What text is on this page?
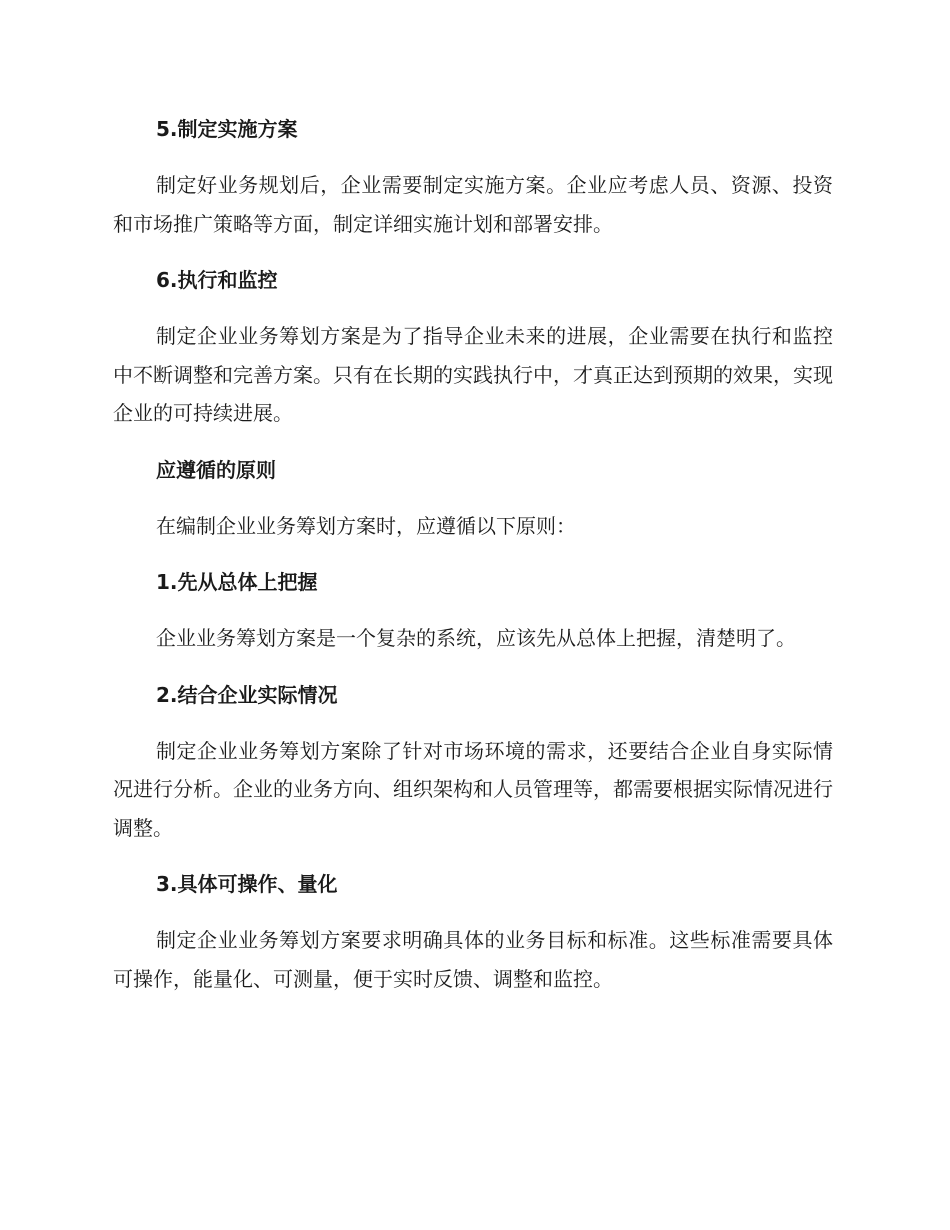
5.制定实施方案

制定好业务规划后，企业需要制定实施方案。企业应考虑人员、资源、投资和市场推广策略等方面，制定详细实施计划和部署安排。

6.执行和监控

制定企业业务筹划方案是为了指导企业未来的进展，企业需要在执行和监控中不断调整和完善方案。只有在长期的实践执行中，才真正达到预期的效果，实现企业的可持续进展。

应遵循的原则

在编制企业业务筹划方案时，应遵循以下原则：

1.先从总体上把握

企业业务筹划方案是一个复杂的系统，应该先从总体上把握，清楚明了。

2.结合企业实际情况

制定企业业务筹划方案除了针对市场环境的需求，还要结合企业自身实际情况进行分析。企业的业务方向、组织架构和人员管理等，都需要根据实际情况进行调整。

3.具体可操作、量化

制定企业业务筹划方案要求明确具体的业务目标和标准。这些标准需要具体可操作，能量化、可测量，便于实时反馈、调整和监控。
